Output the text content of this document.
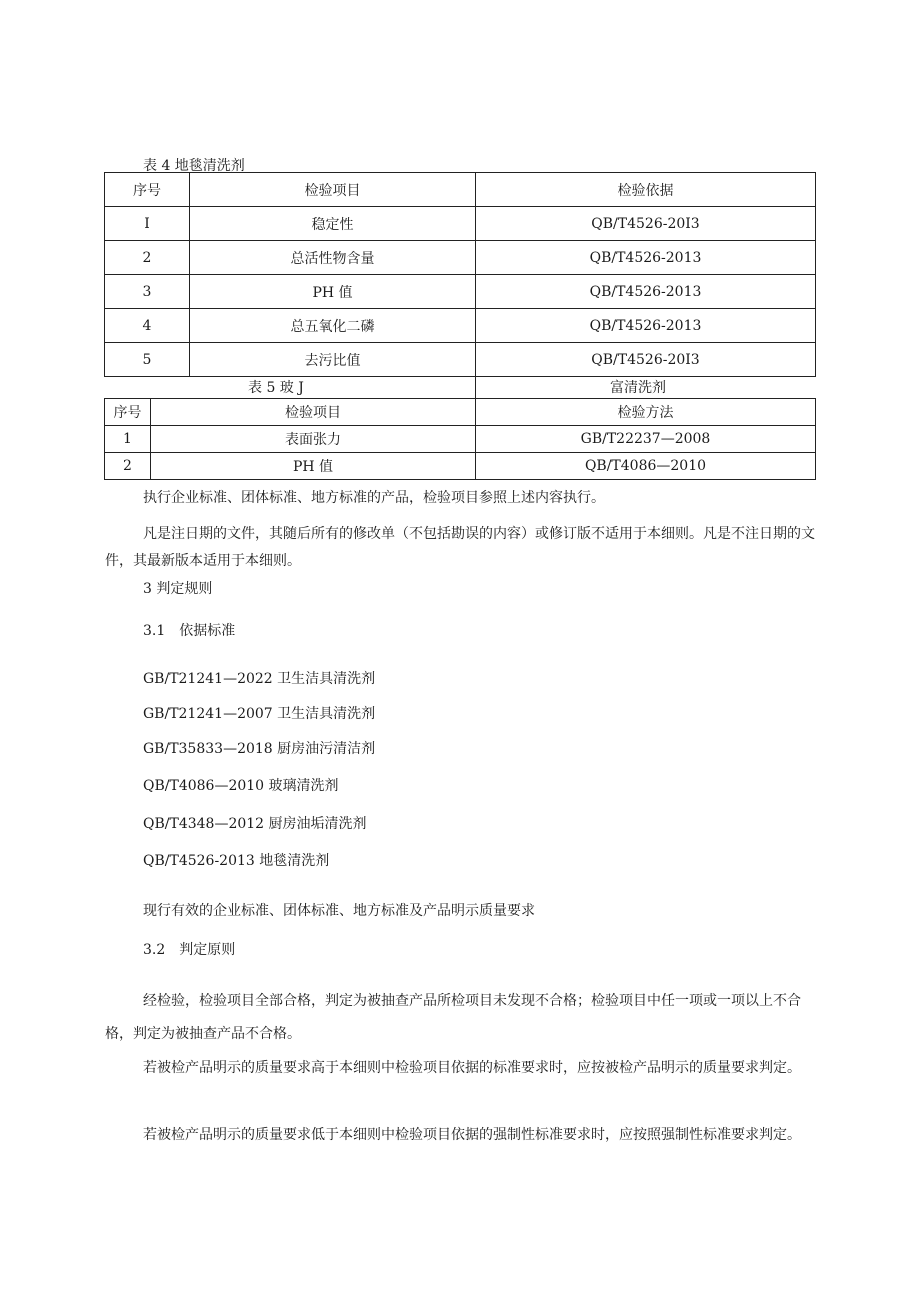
表 4 地毯清洗剂
序号	检验项目	检验依据
I	稳定性	QB/T4526-20I3
2	总活性物含量	QB/T4526-2013
3	PH 值	QB/T4526-2013
4	总五氧化二磷	QB/T4526-2013
5	去污比值	QB/T4526-20I3
表 5 玻 J	富清洗剂
序号	检验项目	检验方法
1	表面张力	GB/T22237—2008
2	PH 值	QB/T4086—2010
执行企业标准、团体标准、地方标准的产品，检验项目参照上述内容执行。
凡是注日期的文件，其随后所有的修改单（不包括勘误的内容）或修订版不适用于本细则。凡是不注日期的文件，其最新版本适用于本细则。
3 判定规则
3.1　依据标准
GB/T21241—2022 卫生洁具清洗剂
GB/T21241—2007 卫生洁具清洗剂
GB/T35833—2018 厨房油污清洁剂
QB/T4086—2010 玻璃清洗剂
QB/T4348—2012 厨房油垢清洗剂
QB/T4526-2013 地毯清洗剂
现行有效的企业标准、团体标准、地方标准及产品明示质量要求
3.2　判定原则
经检验，检验项目全部合格，判定为被抽查产品所检项目未发现不合格；检验项目中任一项或一项以上不合格，判定为被抽查产品不合格。
若被检产品明示的质量要求高于本细则中检验项目依据的标准要求时，应按被检产品明示的质量要求判定。
若被检产品明示的质量要求低于本细则中检验项目依据的强制性标准要求时，应按照强制性标准要求判定。
